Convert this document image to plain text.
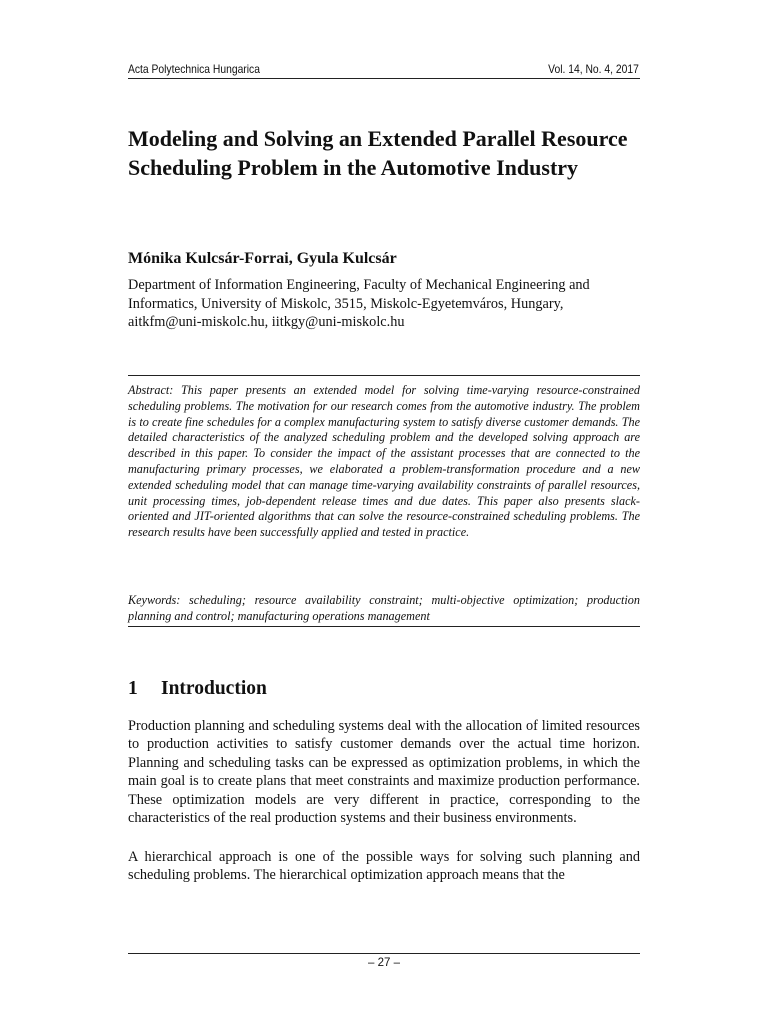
Acta Polytechnica Hungarica	Vol. 14, No. 4, 2017
Modeling and Solving an Extended Parallel Resource Scheduling Problem in the Automotive Industry
Mónika Kulcsár-Forrai, Gyula Kulcsár
Department of Information Engineering, Faculty of Mechanical Engineering and
Informatics, University of Miskolc, 3515, Miskolc-Egyetemváros, Hungary,
aitkfm@uni-miskolc.hu, iitkgy@uni-miskolc.hu

Abstract: This paper presents an extended model for solving time-varying resource-constrained scheduling problems. The motivation for our research comes from the automotive industry. The problem is to create fine schedules for a complex manufacturing system to satisfy diverse customer demands. The detailed characteristics of the analyzed scheduling problem and the developed solving approach are described in this paper. To consider the impact of the assistant processes that are connected to the manufacturing primary processes, we elaborated a problem-transformation procedure and a new extended scheduling model that can manage time-varying availability constraints of parallel resources, unit processing times, job-dependent release times and due dates. This paper also presents slack-oriented and JIT-oriented algorithms that can solve the resource-constrained scheduling problems. The research results have been successfully applied and tested in practice.

Keywords: scheduling; resource availability constraint; multi-objective optimization; production planning and control; manufacturing operations management

1 Introduction

Production planning and scheduling systems deal with the allocation of limited resources to production activities to satisfy customer demands over the actual time horizon. Planning and scheduling tasks can be expressed as optimization problems, in which the main goal is to create plans that meet constraints and maximize production performance. These optimization models are very different in practice, corresponding to the characteristics of the real production systems and their business environments.

A hierarchical approach is one of the possible ways for solving such planning and scheduling problems. The hierarchical optimization approach means that the

– 27 –
